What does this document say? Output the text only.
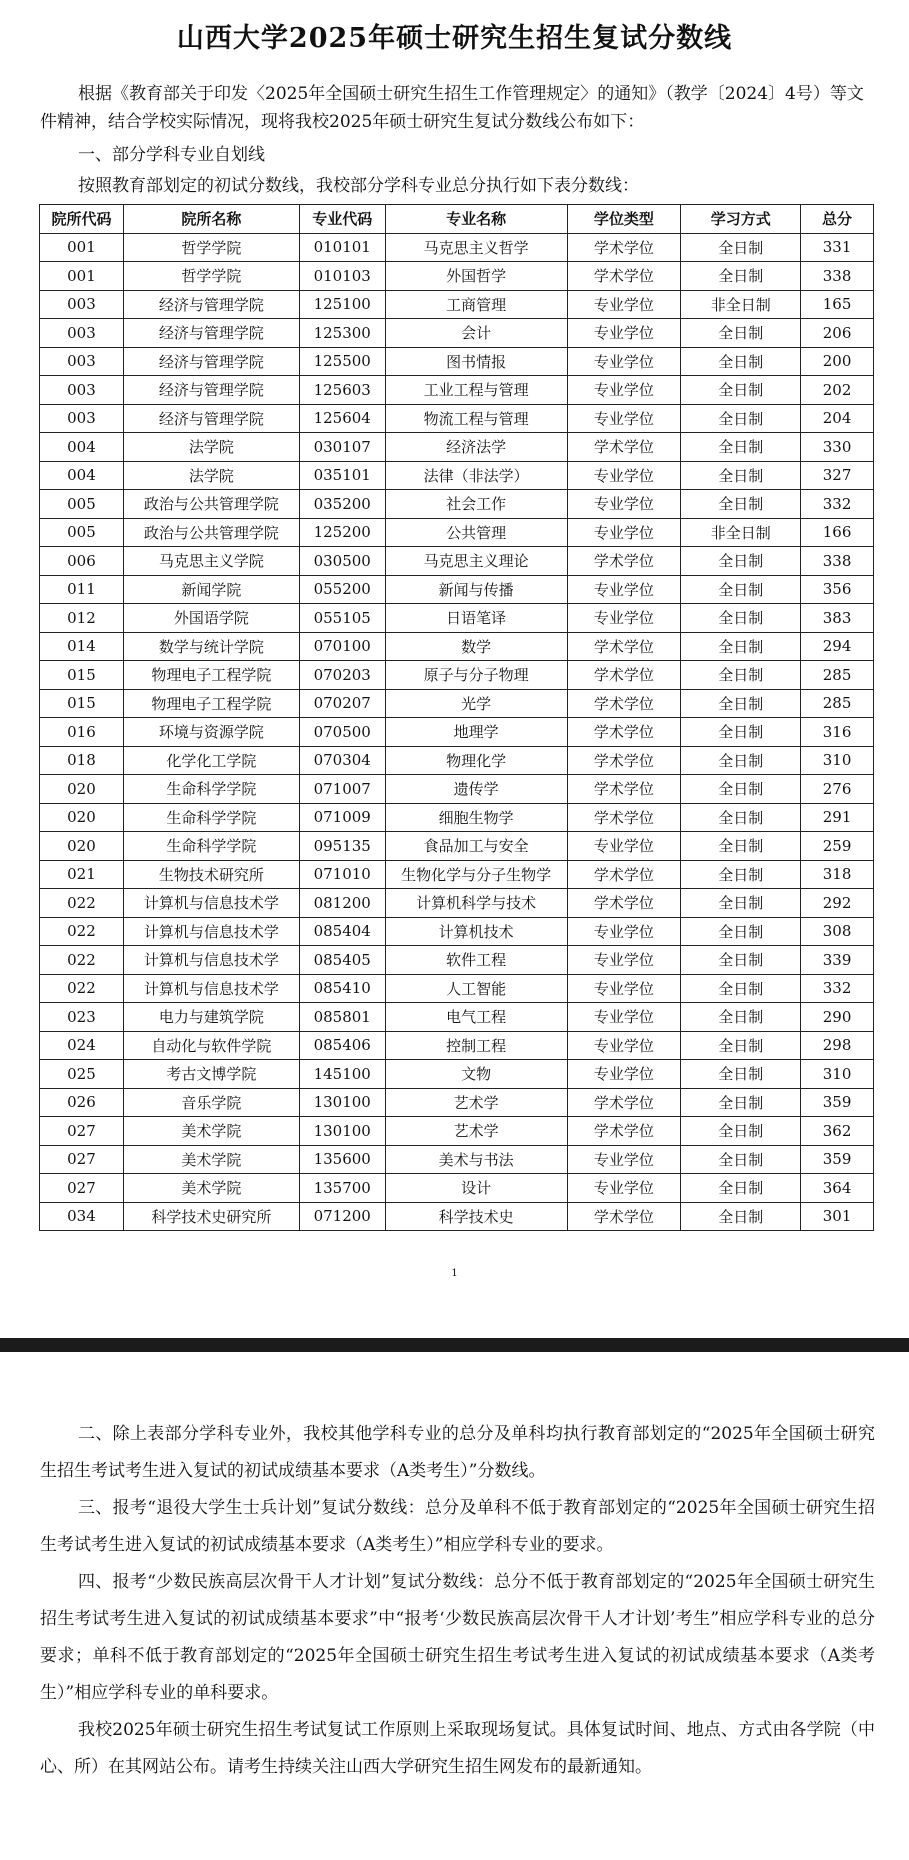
山西大学2025年硕士研究生招生复试分数线
根据《教育部关于印发〈2025年全国硕士研究生招生工作管理规定〉的通知》（教学〔2024〕4号）等文件精神，结合学校实际情况，现将我校2025年硕士研究生复试分数线公布如下：
一、部分学科专业自划线
按照教育部划定的初试分数线，我校部分学科专业总分执行如下表分数线：
院所代码	院所名称	专业代码	专业名称	学位类型	学习方式	总分
001	哲学学院	010101	马克思主义哲学	学术学位	全日制	331
001	哲学学院	010103	外国哲学	学术学位	全日制	338
003	经济与管理学院	125100	工商管理	专业学位	非全日制	165
003	经济与管理学院	125300	会计	专业学位	全日制	206
003	经济与管理学院	125500	图书情报	专业学位	全日制	200
003	经济与管理学院	125603	工业工程与管理	专业学位	全日制	202
003	经济与管理学院	125604	物流工程与管理	专业学位	全日制	204
004	法学院	030107	经济法学	学术学位	全日制	330
004	法学院	035101	法律（非法学）	专业学位	全日制	327
005	政治与公共管理学院	035200	社会工作	专业学位	全日制	332
005	政治与公共管理学院	125200	公共管理	专业学位	非全日制	166
006	马克思主义学院	030500	马克思主义理论	学术学位	全日制	338
011	新闻学院	055200	新闻与传播	专业学位	全日制	356
012	外国语学院	055105	日语笔译	专业学位	全日制	383
014	数学与统计学院	070100	数学	学术学位	全日制	294
015	物理电子工程学院	070203	原子与分子物理	学术学位	全日制	285
015	物理电子工程学院	070207	光学	学术学位	全日制	285
016	环境与资源学院	070500	地理学	学术学位	全日制	316
018	化学化工学院	070304	物理化学	学术学位	全日制	310
020	生命科学学院	071007	遗传学	学术学位	全日制	276
020	生命科学学院	071009	细胞生物学	学术学位	全日制	291
020	生命科学学院	095135	食品加工与安全	专业学位	全日制	259
021	生物技术研究所	071010	生物化学与分子生物学	学术学位	全日制	318
022	计算机与信息技术学	081200	计算机科学与技术	学术学位	全日制	292
022	计算机与信息技术学	085404	计算机技术	专业学位	全日制	308
022	计算机与信息技术学	085405	软件工程	专业学位	全日制	339
022	计算机与信息技术学	085410	人工智能	专业学位	全日制	332
023	电力与建筑学院	085801	电气工程	专业学位	全日制	290
024	自动化与软件学院	085406	控制工程	专业学位	全日制	298
025	考古文博学院	145100	文物	专业学位	全日制	310
026	音乐学院	130100	艺术学	学术学位	全日制	359
027	美术学院	130100	艺术学	学术学位	全日制	362
027	美术学院	135600	美术与书法	专业学位	全日制	359
027	美术学院	135700	设计	专业学位	全日制	364
034	科学技术史研究所	071200	科学技术史	学术学位	全日制	301
1
二、除上表部分学科专业外，我校其他学科专业的总分及单科均执行教育部划定的“2025年全国硕士研究生招生考试考生进入复试的初试成绩基本要求（A类考生）”分数线。
三、报考“退役大学生士兵计划”复试分数线：总分及单科不低于教育部划定的“2025年全国硕士研究生招生考试考生进入复试的初试成绩基本要求（A类考生）”相应学科专业的要求。
四、报考“少数民族高层次骨干人才计划”复试分数线：总分不低于教育部划定的“2025年全国硕士研究生招生考试考生进入复试的初试成绩基本要求”中“报考‘少数民族高层次骨干人才计划’考生”相应学科专业的总分要求；单科不低于教育部划定的“2025年全国硕士研究生招生考试考生进入复试的初试成绩基本要求（A类考生）”相应学科专业的单科要求。
我校2025年硕士研究生招生考试复试工作原则上采取现场复试。具体复试时间、地点、方式由各学院（中心、所）在其网站公布。请考生持续关注山西大学研究生招生网发布的最新通知。
